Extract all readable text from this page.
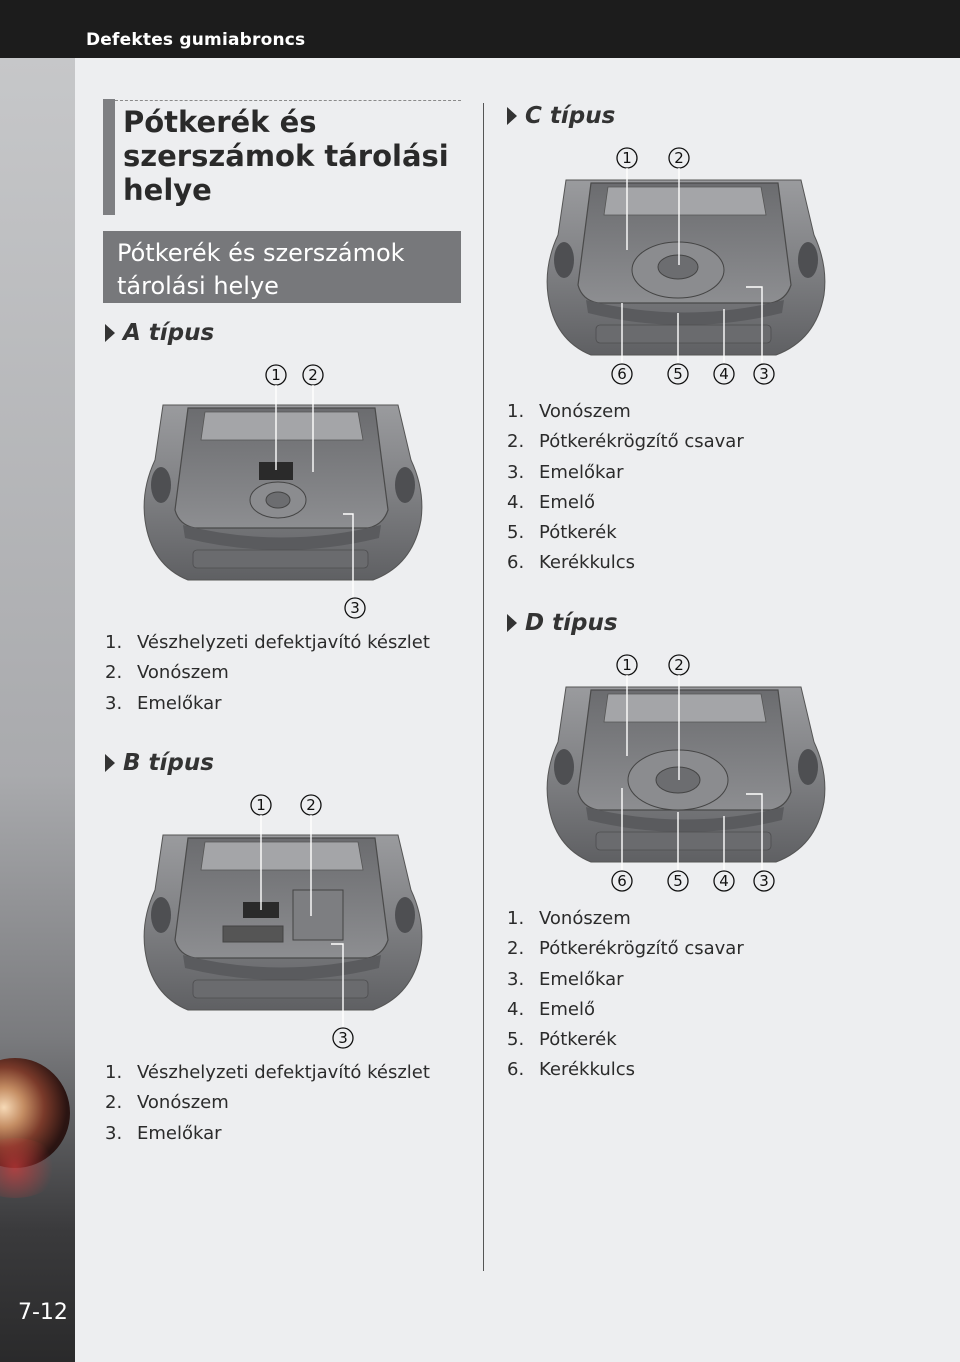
Defektes gumiabroncs
7-12
Pótkerék és szerszámok tárolási helye
Pótkerék és szerszámok tárolási helye
A típus
1 2
3
1. Vészhelyzeti defektjavító készlet
2. Vonószem
3. Emelőkar
B típus
1	2
3
1. Vészhelyzeti defektjavító készlet
2. Vonószem
3. Emelőkar
C típus
1	2
6	5 4 3
1. Vonószem
2. Pótkerékrögzítő csavar
3. Emelőkar
4. Emelő
5. Pótkerék
6. Kerékkulcs
D típus
1	2
6	5 4 3
1. Vonószem
2. Pótkerékrögzítő csavar
3. Emelőkar
4. Emelő
5. Pótkerék
6. Kerékkulcs
